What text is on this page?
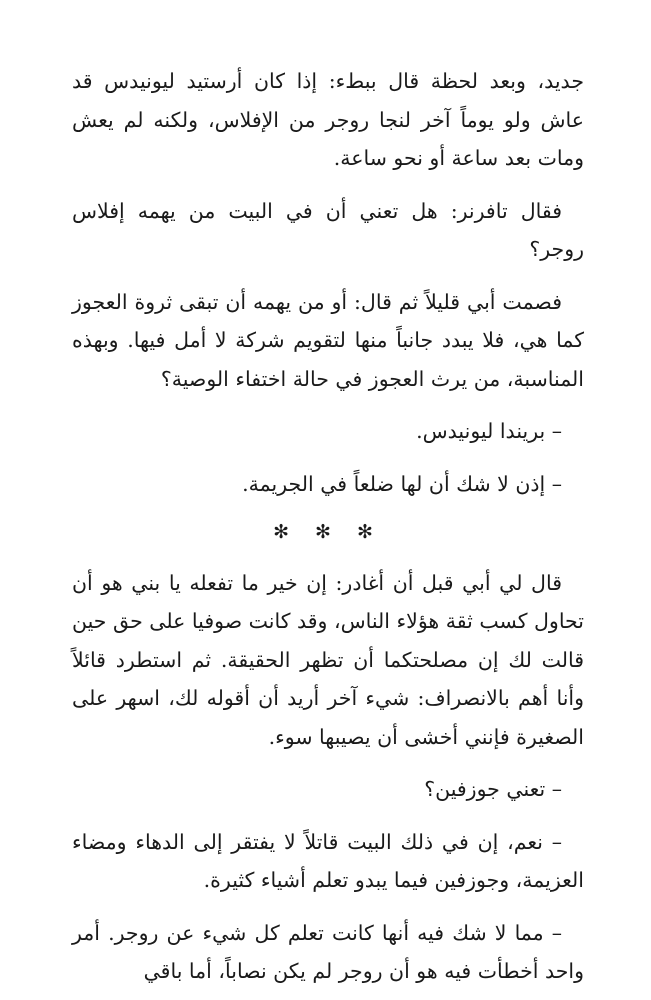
جديد، وبعد لحظة قال ببطء: إذا كان أرستيد ليونيدس قد عاش ولو يوماً آخر لنجا روجر من الإفلاس، ولكنه لم يعش ومات بعد ساعة أو نحو ساعة.

فقال تافرنر: هل تعني أن في البيت من يهمه إفلاس روجر؟

فصمت أبي قليلاً ثم قال: أو من يهمه أن تبقى ثروة العجوز كما هي، فلا يبدد جانباً منها لتقويم شركة لا أمل فيها. وبهذه المناسبة، من يرث العجوز في حالة اختفاء الوصية؟

– بريندا ليونيدس.

– إذن لا شك أن لها ضلعاً في الجريمة.

✻ ✻ ✻

قال لي أبي قبل أن أغادر: إن خير ما تفعله يا بني هو أن تحاول كسب ثقة هؤلاء الناس، وقد كانت صوفيا على حق حين قالت لك إن مصلحتكما أن تظهر الحقيقة. ثم استطرد قائلاً وأنا أهم بالانصراف: شيء آخر أريد أن أقوله لك، اسهر على الصغيرة فإنني أخشى أن يصيبها سوء.

– تعني جوزفين؟

– نعم، إن في ذلك البيت قاتلاً لا يفتقر إلى الدهاء ومضاء العزيمة، وجوزفين فيما يبدو تعلم أشياء كثيرة.

– مما لا شك فيه أنها كانت تعلم كل شيء عن روجر. أمر واحد أخطأت فيه هو أن روجر لم يكن نصاباً، أما باقي
